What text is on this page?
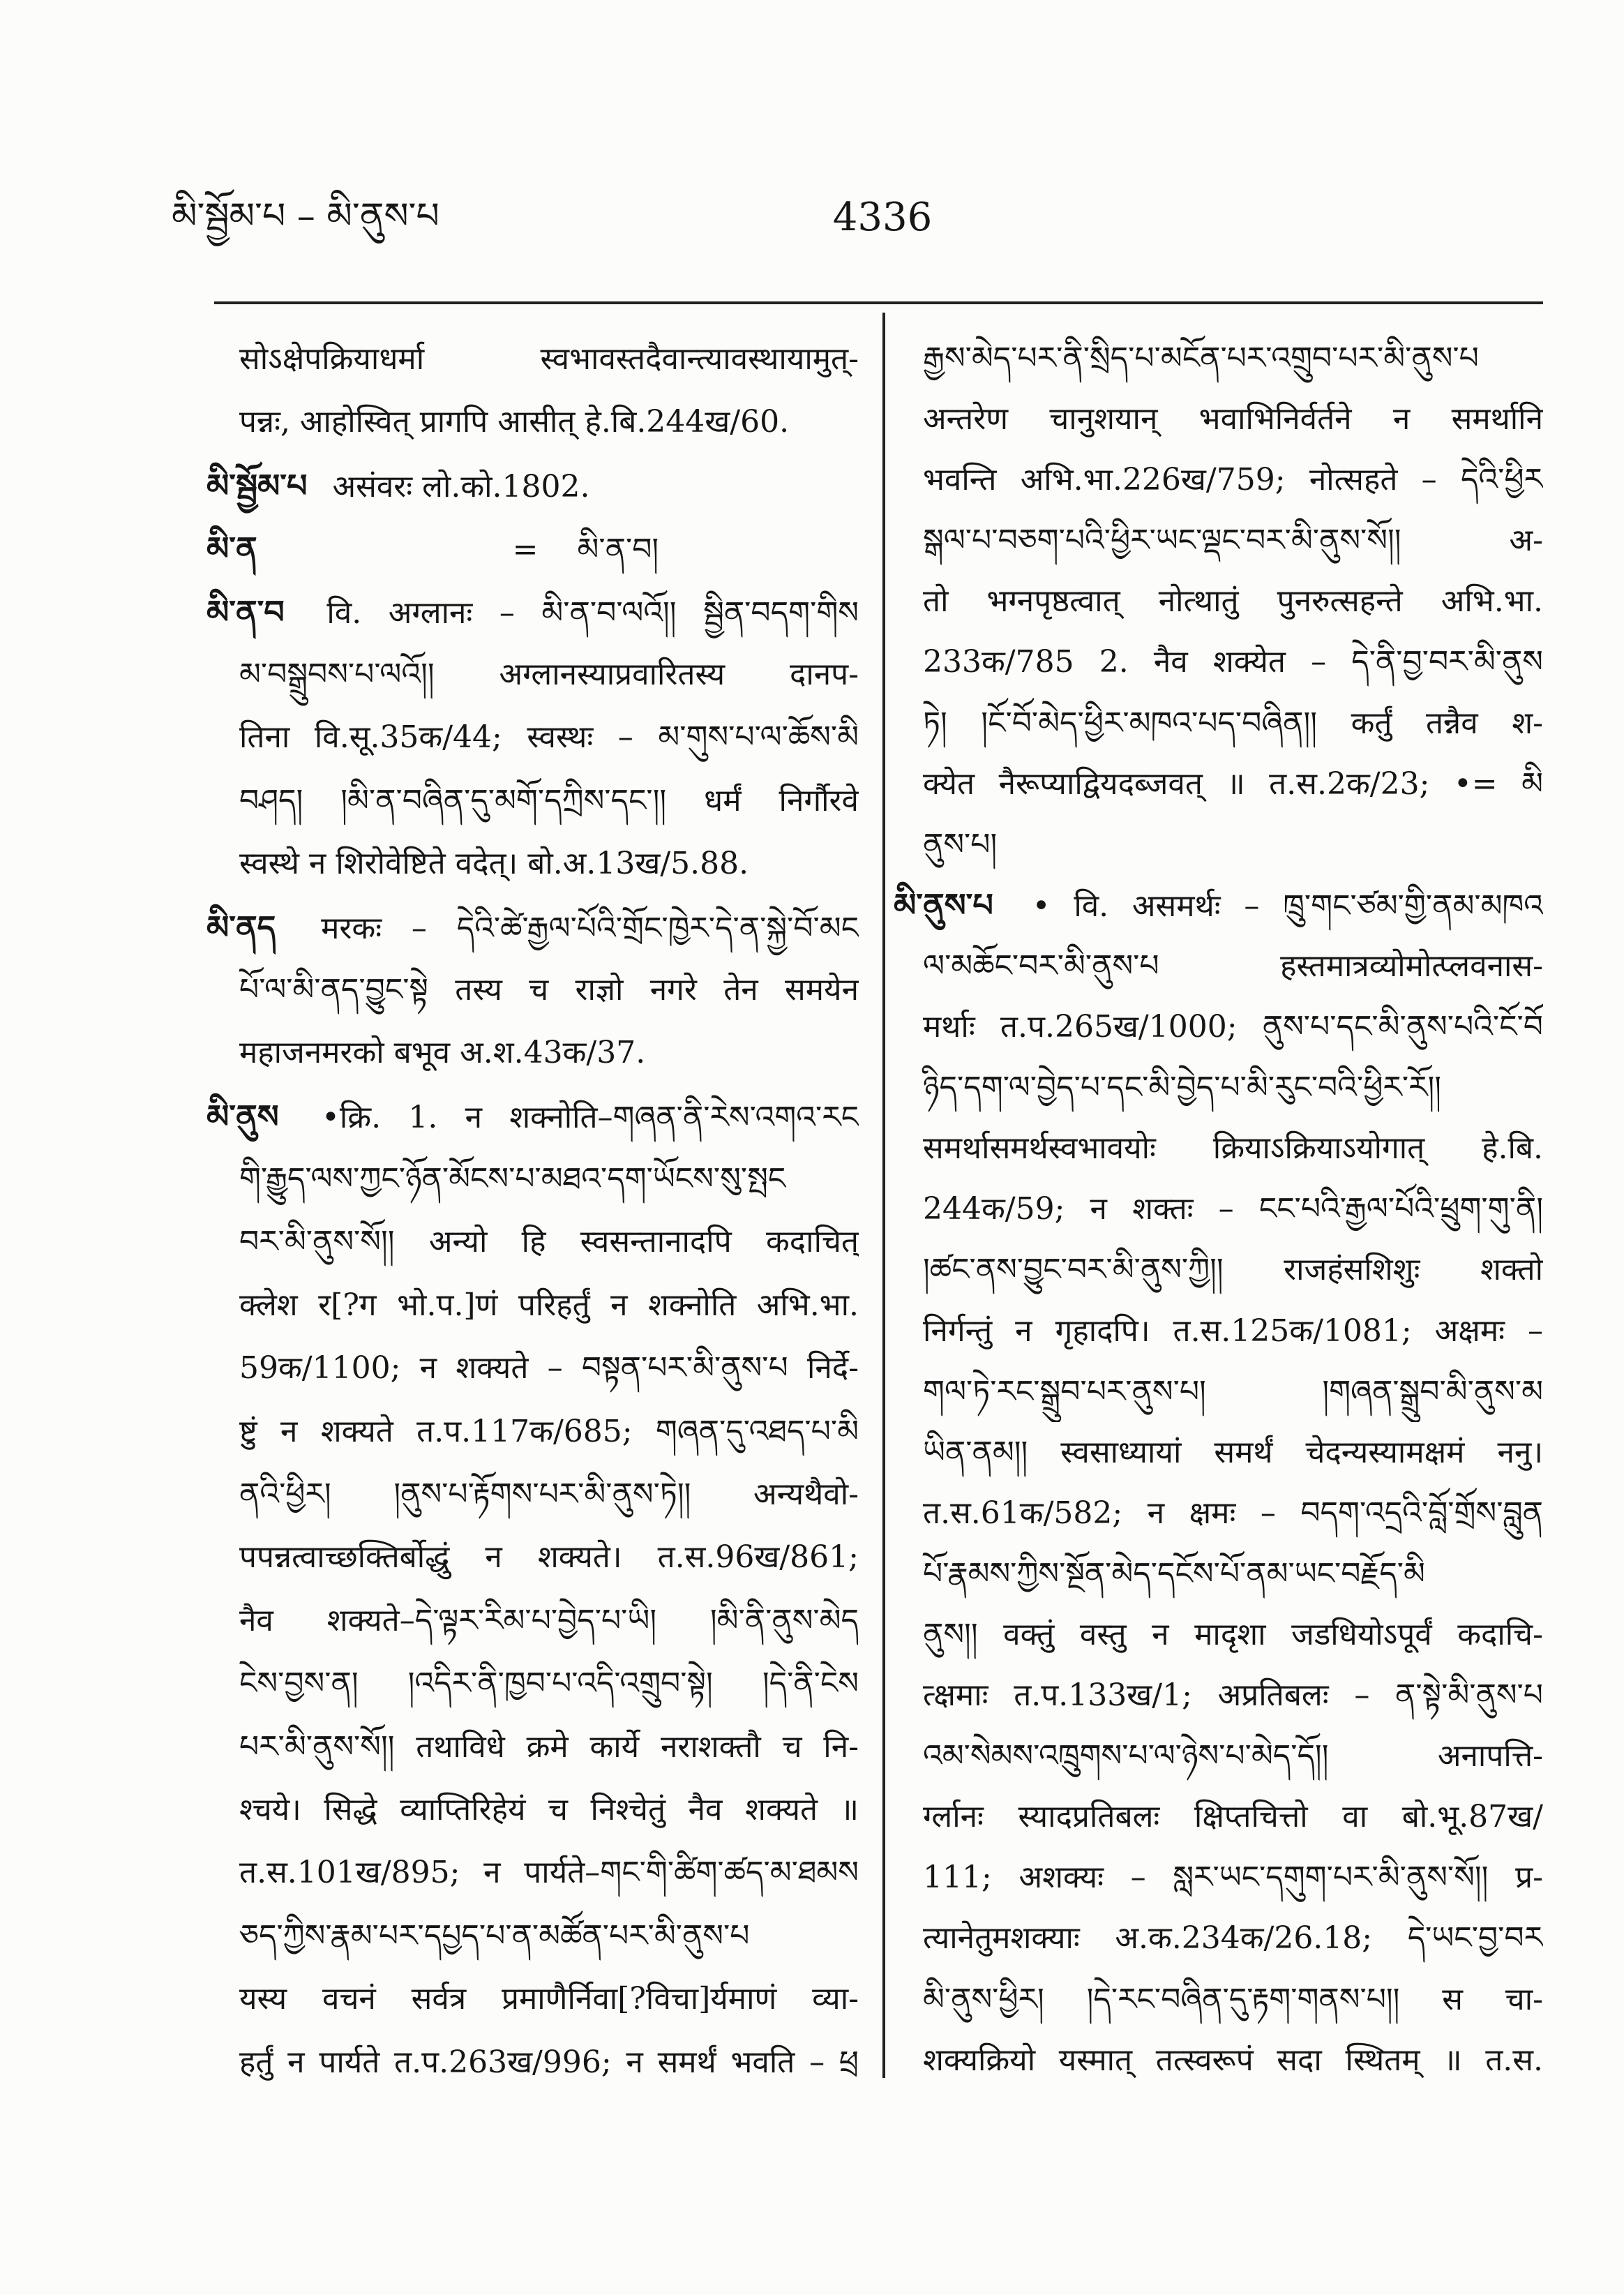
མི་སྦྱོམ་པ – མི་ནུས་པ	4336
सोऽक्षेपक्रियाधर्मा स्वभावस्तदैवान्त्यावस्थायामुत्-
पन्नः, आहोस्वित् प्रागपि आसीत् हे.बि.244ख/60.
མི་སྦྱོམ་པ असंवरः लो.को.1802.
མི་ན	= མི་ན་བ།
མི་ན་བ वि. अग्लानः – མི་ན་བ་ལའོ།། སྦྱིན་བདག་གིས
མ་བསྒྲུབས་པ་ལའོ།། अग्लानस्याप्रवारितस्य दानप-
तिना वि.सू.35क/44; स्वस्थः – མ་གུས་པ་ལ་ཆོས་མི
བཤད། །མི་ན་བཞིན་དུ་མགོ་དཀྲིས་དང་།། धर्मं निर्गौरवे
स्वस्थे न शिरोवेष्टिते वदेत्। बो.अ.13ख/5.88.
མི་ནད मरकः – དེའི་ཚེ་རྒྱལ་པོའི་གྲོང་ཁྱེར་དེ་ན་སྐྱེ་བོ་མང
པོ་ལ་མི་ནད་བྱུང་སྟེ तस्य च राज्ञो नगरे तेन समयेन
महाजनमरको बभूव अ.श.43क/37.
མི་ནུས •क्रि. 1. न शक्नोति–གཞན་ནི་རེས་འགའ་རང
གི་རྒྱུད་ལས་ཀྱང་ཉོན་མོངས་པ་མཐའ་དག་ཡོངས་སུ་སྤང
བར་མི་ནུས་སོ།། अन्यो हि स्वसन्तानादपि कदाचित्
क्लेश र[?ग भो.प.]णं परिहर्तुं न शक्नोति अभि.भा.
59क/1100; न शक्यते – བསྟན་པར་མི་ནུས་པ निर्दे-
ष्टुं न शक्यते त.प.117क/685; གཞན་དུ་འཐད་པ་མི
ནའི་ཕྱིར། །ནུས་པ་རྟོགས་པར་མི་ནུས་ཏེ།། अन्यथैवो-
पपन्नत्वाच्छक्तिर्बोद्धुं न शक्यते। त.स.96ख/861;
नैव शक्यते–དེ་ལྟར་རིམ་པ་བྱེད་པ་ཡི། །མི་ནི་ནུས་མེད
ངེས་བྱས་ན། །འདིར་ནི་ཁྱབ་པ་འདི་འགྲུབ་སྟེ། །དེ་ནི་ངེས
པར་མི་ནུས་སོ།། तथाविधे क्रमे कार्ये नराशक्तौ च नि-
श्चये। सिद्धे व्याप्तिरिहेयं च निश्चेतुं नैव शक्यते ॥
त.स.101ख/895; न पार्यते–གང་གི་ཚིག་ཚད་མ་ཐམས
ཅད་ཀྱིས་རྣམ་པར་དཔྱད་པ་ན་མཚོན་པར་མི་ནུས་པ
यस्य वचनं सर्वत्र प्रमाणैर्निवा[?विचा]र्यमाणं व्या-
हर्तुं न पार्यते त.प.263ख/996; न समर्थं भवति – ཕྲ
རྒྱས་མེད་པར་ནི་སྲིད་པ་མངོན་པར་འགྲུབ་པར་མི་ནུས་པ
अन्तरेण चानुशयान् भवाभिनिर्वर्तने न समर्थानि
भवन्ति अभि.भा.226ख/759; नोत्सहते – དེའི་ཕྱིར
སྒལ་པ་བཅག་པའི་ཕྱིར་ཡང་ལྡང་བར་མི་ནུས་སོ།། अ-
तो भग्नपृष्ठत्वात् नोत्थातुं पुनरुत्सहन्ते अभि.भा.
233क/785 2. नैव शक्येत – དེ་ནི་བྱ་བར་མི་ནུས
ཏེ། །ངོ་བོ་མེད་ཕྱིར་མཁའ་པད་བཞིན།། कर्तुं तन्नैव श-
क्येत नैरूप्याद्वियदब्जवत् ॥ त.स.2क/23; •= མི
ནུས་པ།
མི་ནུས་པ • वि. असमर्थः – ཁྲུ་གང་ཙམ་གྱི་ནམ་མཁའ
ལ་མཆོང་བར་མི་ནུས་པ हस्तमात्रव्योमोत्प्लवनास-
मर्थाः त.प.265ख/1000; ནུས་པ་དང་མི་ནུས་པའི་ངོ་བོ
ཉིད་དག་ལ་བྱེད་པ་དང་མི་བྱེད་པ་མི་རུང་བའི་ཕྱིར་རོ།།
समर्थासमर्थस्वभावयोः क्रियाऽक्रियाऽयोगात् हे.बि.
244क/59; न शक्तः – ངང་པའི་རྒྱལ་པོའི་ཕྲུག་གུ་ནི།
།ཚང་ནས་བྱུང་བར་མི་ནུས་ཀྱི།། राजहंसशिशुः शक्तो
निर्गन्तुं न गृहादपि। त.स.125क/1081; अक्षमः –
གལ་ཏེ་རང་སྒྲུབ་པར་ནུས་པ། །གཞན་སྒྲུབ་མི་ནུས་མ
ཡིན་ནམ།། स्वसाध्यायां समर्थं चेदन्यस्यामक्षमं ननु।
त.स.61क/582; न क्षमः – བདག་འདྲའི་བློ་གྲོས་བླུན
པོ་རྣམས་ཀྱིས་སྔོན་མེད་དངོས་པོ་ནམ་ཡང་བརྗོད་མི
ནུས།། वक्तुं वस्तु न मादृशा जडधियोऽपूर्वं कदाचि-
त्क्षमाः त.प.133ख/1; अप्रतिबलः – ན་སྟེ་མི་ནུས་པ
འམ་སེམས་འཁྲུགས་པ་ལ་ཉེས་པ་མེད་དོ།། अनापत्ति-
र्ग्लानः स्यादप्रतिबलः क्षिप्तचित्तो वा बो.भू.87ख/
111; अशक्यः – སླར་ཡང་དགུག་པར་མི་ནུས་སོ།། प्र-
त्यानेतुमशक्याः अ.क.234क/26.18; དེ་ཡང་བྱ་བར
མི་ནུས་ཕྱིར། །དེ་རང་བཞིན་དུ་རྟག་གནས་པ།། स चा-
शक्यक्रियो यस्मात् तत्स्वरूपं सदा स्थितम् ॥ त.स.
